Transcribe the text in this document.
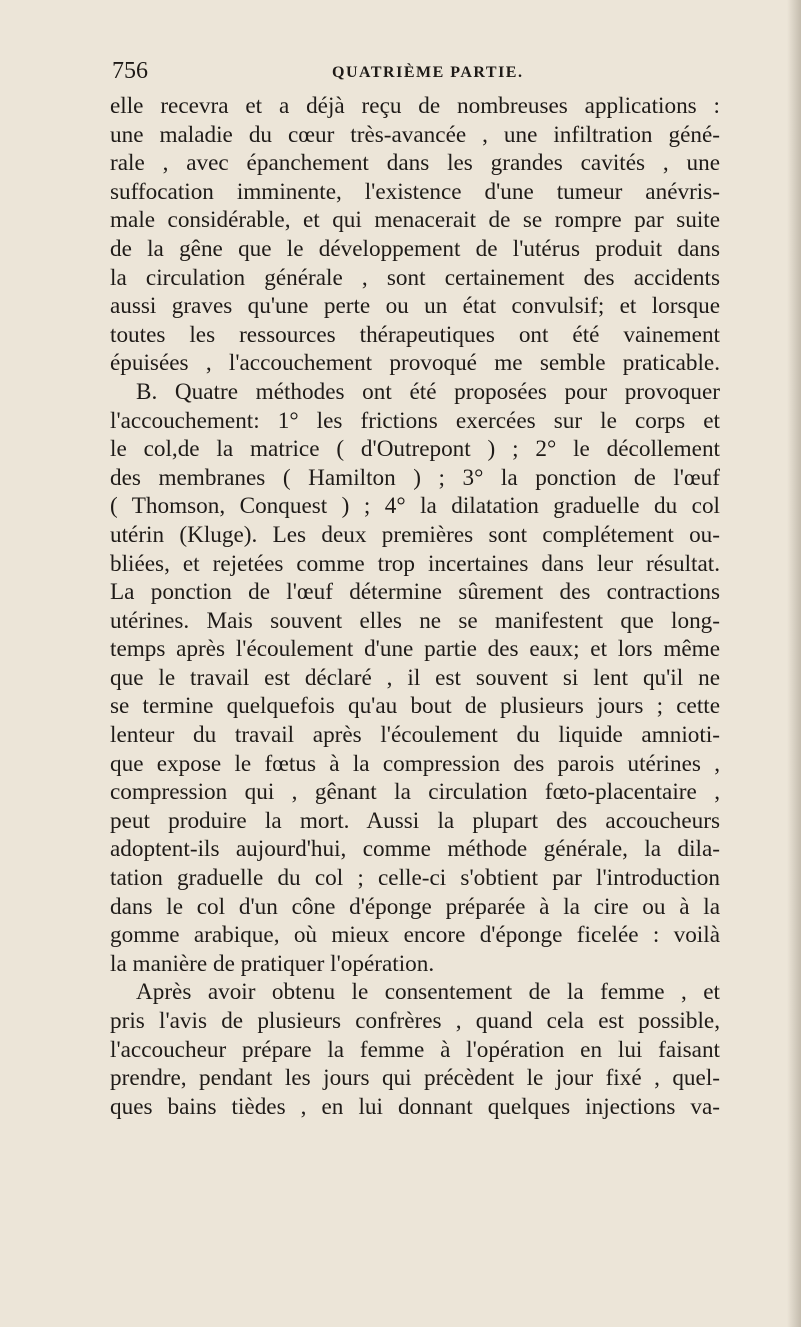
756	QUATRIÈME PARTIE.
elle recevra et a déjà reçu de nombreuses applications :
une maladie du cœur très-avancée , une infiltration géné-
rale , avec épanchement dans les grandes cavités , une
suffocation imminente, l'existence d'une tumeur anévris-
male considérable, et qui menacerait de se rompre par suite
de la gêne que le développement de l'utérus produit dans
la circulation générale , sont certainement des accidents
aussi graves qu'une perte ou un état convulsif; et lorsque
toutes les ressources thérapeutiques ont été vainement
épuisées , l'accouchement provoqué me semble praticable.
B. Quatre méthodes ont été proposées pour provoquer
l'accouchement: 1° les frictions exercées sur le corps et
le col,de la matrice ( d'Outrepont ) ; 2° le décollement
des membranes ( Hamilton ) ; 3° la ponction de l'œuf
( Thomson, Conquest ) ; 4° la dilatation graduelle du col
utérin (Kluge). Les deux premières sont complétement ou-
bliées, et rejetées comme trop incertaines dans leur résultat.
La ponction de l'œuf détermine sûrement des contractions
utérines. Mais souvent elles ne se manifestent que long-
temps après l'écoulement d'une partie des eaux; et lors même
que le travail est déclaré , il est souvent si lent qu'il ne
se termine quelquefois qu'au bout de plusieurs jours ; cette
lenteur du travail après l'écoulement du liquide amnioti-
que expose le fœtus à la compression des parois utérines ,
compression qui , gênant la circulation fœto-placentaire ,
peut produire la mort. Aussi la plupart des accoucheurs
adoptent-ils aujourd'hui, comme méthode générale, la dila-
tation graduelle du col ; celle-ci s'obtient par l'introduction
dans le col d'un cône d'éponge préparée à la cire ou à la
gomme arabique, où mieux encore d'éponge ficelée : voilà
la manière de pratiquer l'opération.
Après avoir obtenu le consentement de la femme , et
pris l'avis de plusieurs confrères , quand cela est possible,
l'accoucheur prépare la femme à l'opération en lui faisant
prendre, pendant les jours qui précèdent le jour fixé , quel-
ques bains tièdes , en lui donnant quelques injections va-
